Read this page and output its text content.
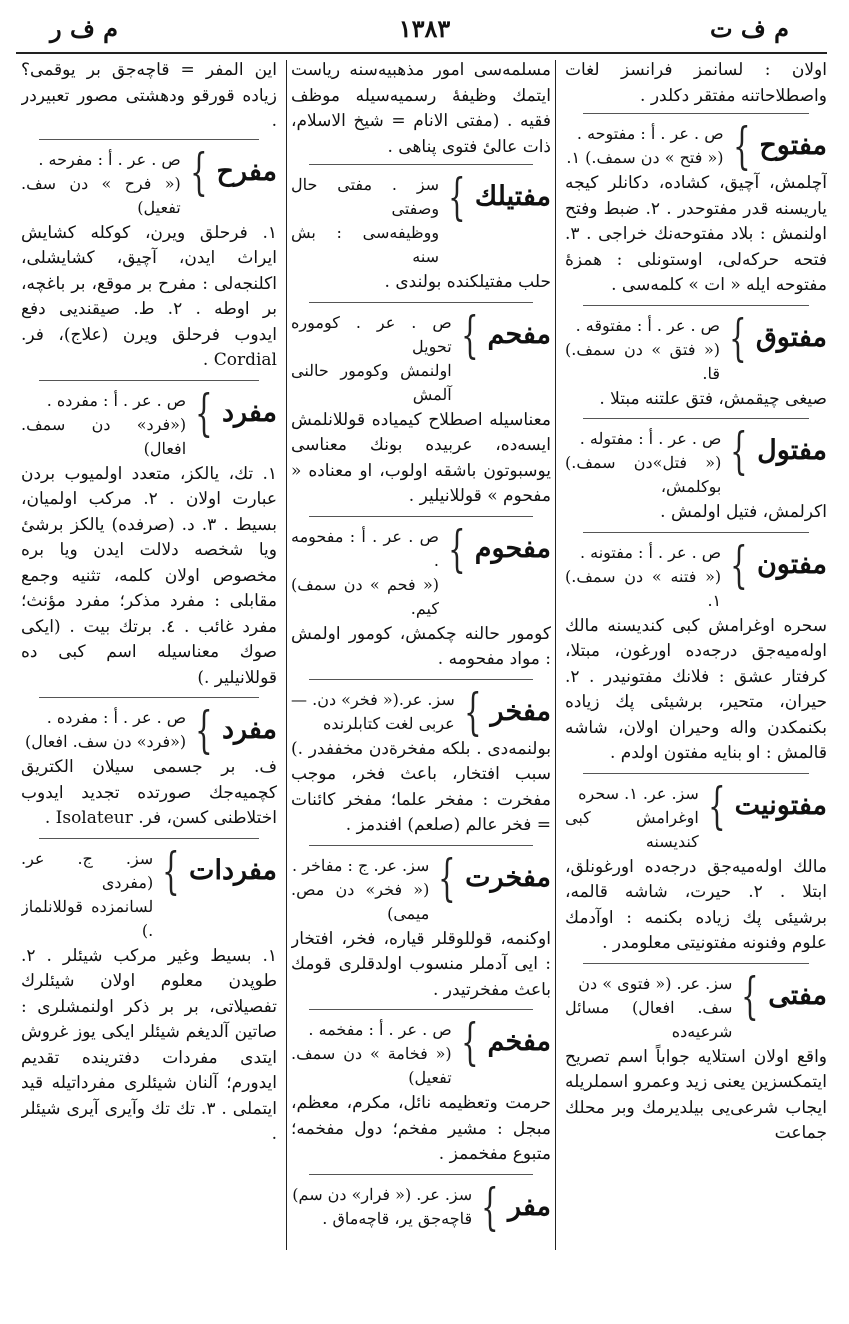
م ف ت
١٣٨٣
م ف ر
اولان : لسانمز فرانسز لغات واصطلاحاتنه مفتقر دكلدر .
مفتوح
}
ص . عر . أ : مفتوحه .
(« فتح » دن سمف.) ١.
آچلمش، آچيق، كشاده، دكانلر كيجه ياريسنه قدر مفتوحدر . ٢. ضبط وفتح اولنمش : بلاد مفتوحه‌نك خراجی . ٣. فتحه حركه‌لی، اوستونلی : همزهٔ مفتوحه ايله « ات » كلمه‌سی .
مفتوق
}
ص . عر . أ : مفتوقه .
(« فتق » دن سمف.) قا.
صيغی چيقمش، فتق علتنه مبتلا .
مفتول
}
ص . عر . أ : مفتوله .
(« فتل»دن سمف.) بوكلمش،
اكرلمش، فتيل اولمش .
مفتون
}
ص . عر . أ : مفتونه .
(« فتنه » دن سمف.) ١.
سحره اوغرامش كبی كنديسنه مالك اوله‌ميه‌جق درجه‌ده اورغون، مبتلا، كرفتار عشق : فلانك مفتونيدر . ٢. حيران، متحير، برشيئی پك زياده بكنمكدن واله وحيران اولان، شاشه قالمش : او بنايه مفتون اولدم .
مفتونيت
}
سز. عر. ١. سحره
اوغرامش كبی كنديسنه
مالك اوله‌ميه‌جق درجه‌ده اورغونلق، ابتلا . ٢. حيرت، شاشه قالمه، برشيئی پك زياده بكنمه : اوآدمك علوم وفنونه مفتونيتی معلومدر .
مفتی
}
سز. عر. (« فتوی » دن
سف. افعال) مسائل شرعيه‌ده
واقع اولان استلايه جواباً اسم تصريح ايتمكسزين يعنی زيد وعمرو اسملريله ايجاب شرعی‌يی بيلديرمك وبر محلك جماعت
مسلمه‌سی امور مذهبيه‌سنه رياست ايتمك وظيفهٔ رسميه‌سيله موظف فقيه . (مفتی الانام = شيخ الاسلام، ذات عالیٔ فتوی پناهی .
مفتيلك
}
سز . مفتی حال وصفتی
ووظيفه‌سی : بش سنه
حلب مفتيلكنده بولندی .
مفحم
}
ص . عر . كوموره تحويل
اولنمش وكومور حالنی آلمش
معناسيله اصطلاح كيمياده قوللانلمش ايسه‌ده، عربيده بونك معناسی يوسبوتون باشقه اولوب، او معناده « مفحوم » قوللانيلير .
مفحوم
}
ص . عر . أ : مفحومه .
(« فحم » دن سمف) كيم.
كومور حالنه چكمش، كومور اولمش : مواد مفحومه .
مفخر
}
سز. عر.(« فخر» دن. —
عربی لغت كتابلرنده
بولنمه‌دی . بلكه مفخرةدن مخففدر .) سبب افتخار، باعث فخر، موجب مفخرت : مفخر علما؛ مفخر كائنات = فخر عالم (صلعم) افندمز .
مفخرت
}
سز. عر. ج : مفاخر .
(« فخر» دن مص. ميمی)
اوكنمه، قوللوقلر قياره، فخر، افتخار : ايی آدملر منسوب اولدقلری قومك باعث مفخرتيدر .
مفخم
}
ص . عر . أ : مفخمه .
(« فخامة » دن سمف. تفعيل)
حرمت وتعظيمه نائل، مكرم، معظم، مبجل : مشير مفخم؛ دول مفخمه؛ متبوع مفخممز .
مفر
}
سز. عر. (« فرار» دن سم)
قاچه‌جق ير، قاچه‌ماق .
اين المفر = قاچه‌جق بر يوقمی؟ زياده قورقو ودهشتی مصور تعبيردر .
مفرح
}
ص . عر . أ : مفرحه .
(« فرح » دن سف. تفعيل)
١. فرحلق ويرن، كوكله كشايش ايراث ايدن، آچيق، كشايشلی، اكلنجه‌لی : مفرح بر موقع، بر باغچه، بر اوطه . ٢. ط. صيقنديی دفع ايدوب فرحلق ويرن (علاج)، فر. Cordial .
مفرد
}
ص . عر . أ : مفرده .
(«فرد» دن سمف. افعال)
١. تك، يالكز، متعدد اولميوب بردن عبارت اولان . ٢. مركب اولميان، بسيط . ٣. د. (صرفده) يالكز برشیٔ ويا شخصه دلالت ايدن ويا بره مخصوص اولان كلمه، تثنيه وجمع مقابلی : مفرد مذكر؛ مفرد مؤنث؛ مفرد غائب . ٤. برتك بيت . (ايكی صوك معناسيله اسم كبی ده قوللانيلير .)
مفرد
}
ص . عر . أ : مفرده .
(«فرد» دن سف. افعال)
ف. بر جسمی سيلان الكتريق كچميه‌جك صورتده تجديد ايدوب اختلاطنی كسن، فر. Isolateur .
مفردات
}
سز. ج. عر. (مفردی
لسانمزده قوللانلماز .)
١. بسيط وغير مركب شيئلر . ٢. طوپدن معلوم اولان شيئلرك تفصيلاتی، بر بر ذكر اولنمشلری : صاتين آلديغم شيئلر ايكی يوز غروش ايتدی مفردات دفترينده تقديم ايدورم؛ آلنان شيئلری مفرداتيله قيد ايتملی . ٣. تك تك وآيری آيری شيئلر .
